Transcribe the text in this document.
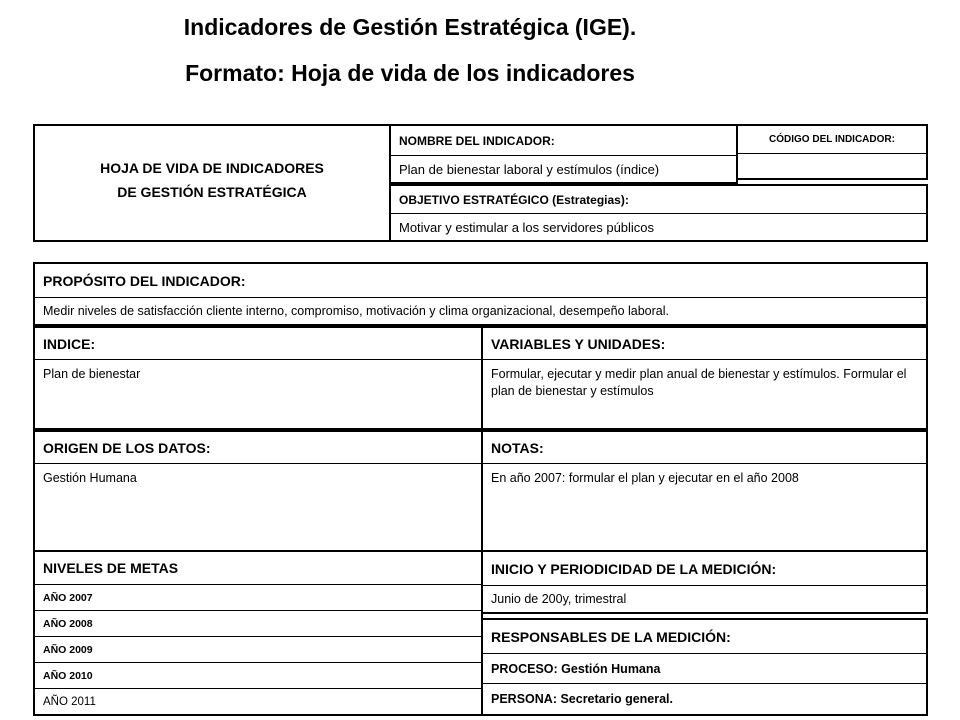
Indicadores de Gestión Estratégica (IGE).
Formato: Hoja de vida de los indicadores
HOJA DE VIDA DE INDICADORES
DE GESTIÓN ESTRATÉGICA
NOMBRE DEL INDICADOR:
Plan de bienestar laboral y estímulos (índice)
CÓDIGO DEL INDICADOR:
OBJETIVO ESTRATÉGICO (Estrategias):
Motivar y estimular a los servidores públicos
PROPÓSITO DEL INDICADOR:
Medir niveles de satisfacción cliente interno, compromiso, motivación y clima organizacional, desempeño laboral.
INDICE:
Plan de bienestar
VARIABLES Y UNIDADES:
Formular, ejecutar y medir plan anual de bienestar y estímulos. Formular el plan de bienestar y estímulos
ORIGEN DE LOS DATOS:
Gestión Humana
NOTAS:
En año 2007: formular el plan y ejecutar en el año 2008
NIVELES DE METAS
AÑO 2007
AÑO 2008
AÑO 2009
AÑO 2010
AÑO 2011
INICIO Y PERIODICIDAD DE LA MEDICIÓN:
Junio de 200y, trimestral
RESPONSABLES DE LA MEDICIÓN:
PROCESO: Gestión Humana
PERSONA: Secretario general.
